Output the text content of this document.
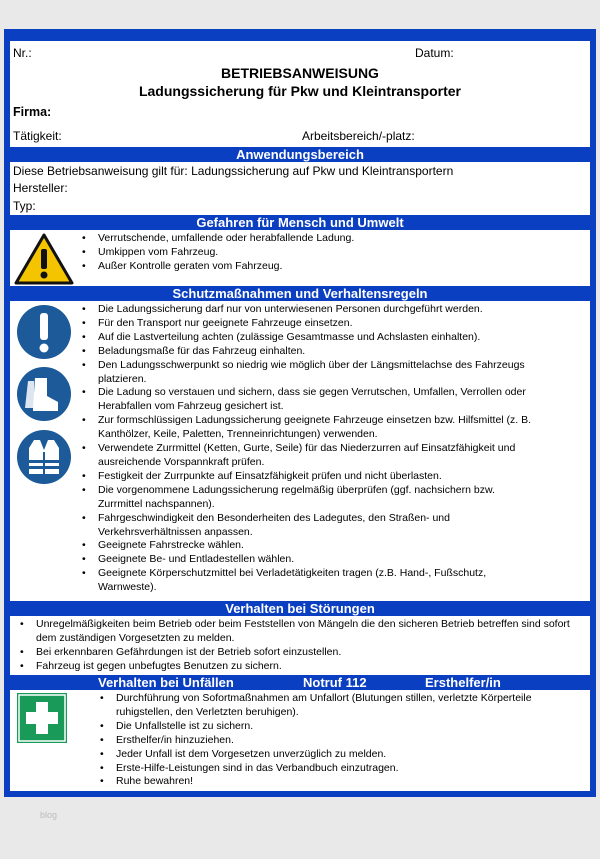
Nr.:	Datum:
BETRIEBSANWEISUNG
Ladungssicherung für Pkw und Kleintransporter
Firma:
Tätigkeit:	Arbeitsbereich/-platz:
Anwendungsbereich
Diese Betriebsanweisung gilt für: Ladungssicherung auf Pkw und Kleintransportern
Hersteller:
Typ:
Gefahren für Mensch und Umwelt
• Verrutschende, umfallende oder herabfallende Ladung.
• Umkippen vom Fahrzeug.
• Außer Kontrolle geraten vom Fahrzeug.
Schutzmaßnahmen und Verhaltensregeln
• Die Ladungssicherung darf nur von unterwiesenen Personen durchgeführt werden.
• Für den Transport nur geeignete Fahrzeuge einsetzen.
• Auf die Lastverteilung achten (zulässige Gesamtmasse und Achslasten einhalten).
• Beladungsmaße für das Fahrzeug einhalten.
• Den Ladungsschwerpunkt so niedrig wie möglich über der Längsmittelachse des Fahrzeugs platzieren.
• Die Ladung so verstauen und sichern, dass sie gegen Verrutschen, Umfallen, Verrollen oder Herabfallen vom Fahrzeug gesichert ist.
• Zur formschlüssigen Ladungssicherung geeignete Fahrzeuge einsetzen bzw. Hilfsmittel (z. B. Kanthölzer, Keile, Paletten, Trenneinrichtungen) verwenden.
• Verwendete Zurrmittel (Ketten, Gurte, Seile) für das Niederzurren auf Einsatzfähigkeit und ausreichende Vorspannkraft prüfen.
• Festigkeit der Zurrpunkte auf Einsatzfähigkeit prüfen und nicht überlasten.
• Die vorgenommene Ladungssicherung regelmäßig überprüfen (ggf. nachsichern bzw. Zurrmittel nachspannen).
• Fahrgeschwindigkeit den Besonderheiten des Ladegutes, den Straßen- und Verkehrsverhältnissen anpassen.
• Geeignete Fahrstrecke wählen.
• Geeignete Be- und Entladestellen wählen.
• Geeignete Körperschutzmittel bei Verladetätigkeiten tragen (z.B. Hand-, Fußschutz, Warnweste).
Verhalten bei Störungen
• Unregelmäßigkeiten beim Betrieb oder beim Feststellen von Mängeln die den sicheren Betrieb betreffen sind sofort dem zuständigen Vorgesetzten zu melden.
• Bei erkennbaren Gefährdungen ist der Betrieb sofort einzustellen.
• Fahrzeug ist gegen unbefugtes Benutzen zu sichern.
Verhalten bei Unfällen	Notruf 112	Ersthelfer/in
• Durchführung von Sofortmaßnahmen am Unfallort (Blutungen stillen, verletzte Körperteile ruhigstellen, den Verletzten beruhigen).
• Die Unfallstelle ist zu sichern.
• Ersthelfer/in hinzuziehen.
• Jeder Unfall ist dem Vorgesetzen unverzüglich zu melden.
• Erste-Hilfe-Leistungen sind in das Verbandbuch einzutragen.
• Ruhe bewahren!
blog
